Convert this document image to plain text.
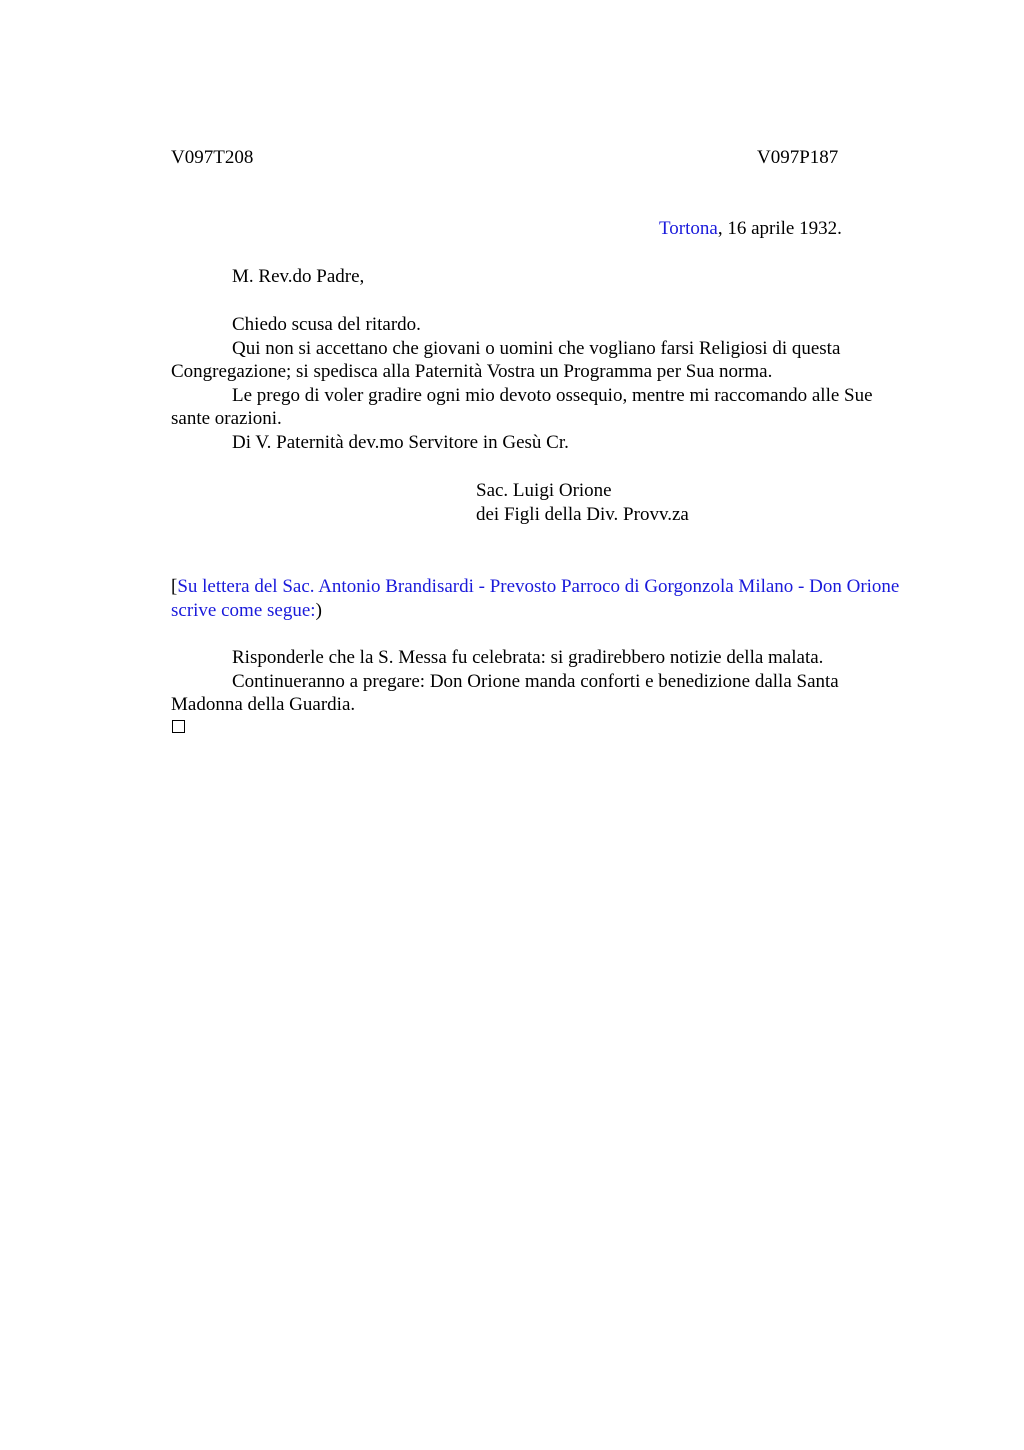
V097T208	V097P187
Tortona, 16 aprile 1932.
M. Rev.do Padre,

Chiedo scusa del ritardo.

Qui non si accettano che giovani o uomini che vogliano farsi Religiosi di questa Congregazione; si spedisca alla Paternità Vostra un Programma per Sua norma.

Le prego di voler gradire ogni mio devoto ossequio, mentre mi raccomando alle Sue sante orazioni.

Di V. Paternità dev.mo Servitore in Gesù Cr.

Sac. Luigi Orione
dei Figli della Div. Provv.za
[Su lettera del Sac. Antonio Brandisardi - Prevosto Parroco di Gorgonzola Milano - Don Orione scrive come segue:)

Risponderle che la S. Messa fu celebrata: si gradirebbero notizie della malata.

Continueranno a pregare: Don Orione manda conforti e benedizione dalla Santa Madonna della Guardia.
